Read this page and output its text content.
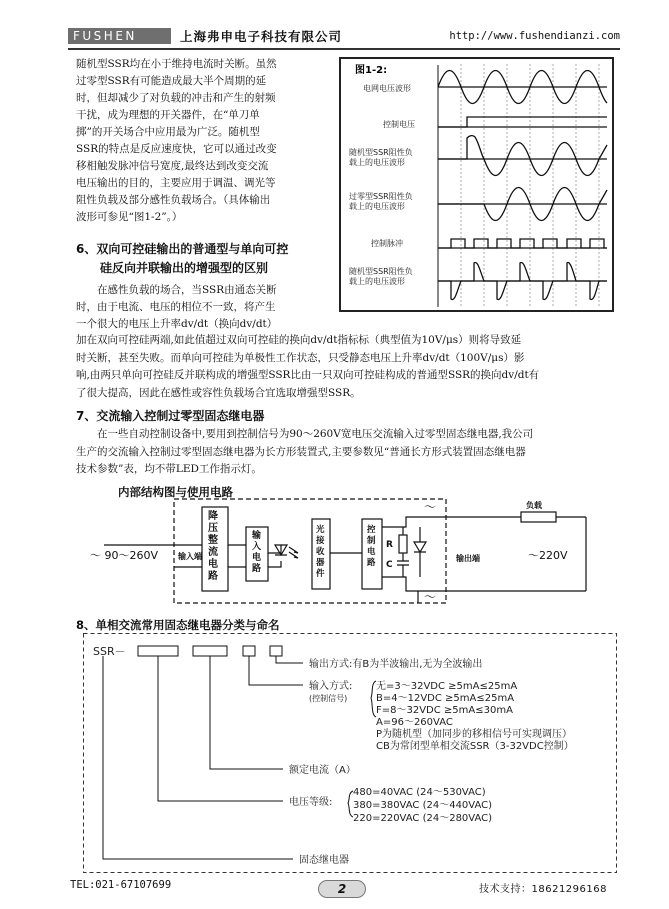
FUSHEN	上海弗申电子科技有限公司	http://www.fushendianzi.com
随机型SSR均在小于维持电流时关断。虽然
过零型SSR有可能造成最大半个周期的延
时，但却减少了对负载的冲击和产生的射频
干扰，成为理想的开关器件，在“单刀单
掷”的开关场合中应用最为广泛。随机型
SSR的特点是反应速度快，它可以通过改变
移相触发脉冲信号宽度,最终达到改变交流
电压输出的目的，主要应用于调温、调光等
阻性负载及部分感性负载场合。（具体输出
波形可参见“图1-2”。）
图1-2:
电网电压波形
控制电压
随机型SSR阻性负
载上的电压波形
过零型SSR阻性负
载上的电压波形
控制脉冲
随机型SSR阻性负
载上的电压波形
6、双向可控硅输出的普通型与单向可控
硅反向并联输出的增强型的区别
在感性负载的场合，当SSR由通态关断
时，由于电流、电压的相位不一致，将产生
一个很大的电压上升率dv/dt（换向dv/dt）
加在双向可控硅两端,如此值超过双向可控硅的换向dv/dt指标标（典型值为10V/μs）则将导致延
时关断，甚至失败。而单向可控硅为单极性工作状态，只受静态电压上升率dv/dt（100V/μs）影
响,由两只单向可控硅反并联构成的增强型SSR比由一只双向可控硅构成的普通型SSR的换向dv/dt有
了很大提高，因此在感性或容性负载场合宜选取增强型SSR。
7、交流输入控制过零型固态继电器
在一些自动控制设备中,要用到控制信号为90～260V宽电压交流输入过零型固态继电器,我公司
生产的交流输入控制过零型固态继电器为长方形装置式,主要参数见“普通长方形式装置固态继电器
技术参数”表，均不带LED工作指示灯。
内部结构图与使用电路
～ 90～260V 输入端	输出端
负载
R
C
～
～
～220V
降压整流电路
输入电路
光接收器件
控制电路
8、单相交流常用固态继电器分类与命名
SSR－
输出方式:有B为半波输出,无为全波输出
输入方式:
(控制信号)
无=3～32VDC ≥5mA≤25mA
B=4～12VDC ≥5mA≤25mA
F=8～32VDC ≥5mA≤30mA
A=96～260VAC
P为随机型（加同步的移相信号可实现调压）
CB为常闭型单相交流SSR（3-32VDC控制）
额定电流（A）
电压等级:
480=40VAC (24～530VAC)
380=380VAC (24～440VAC)
220=220VAC (24～280VAC)
固态继电器
TEL:021-67107699	2	技术支持：18621296168
